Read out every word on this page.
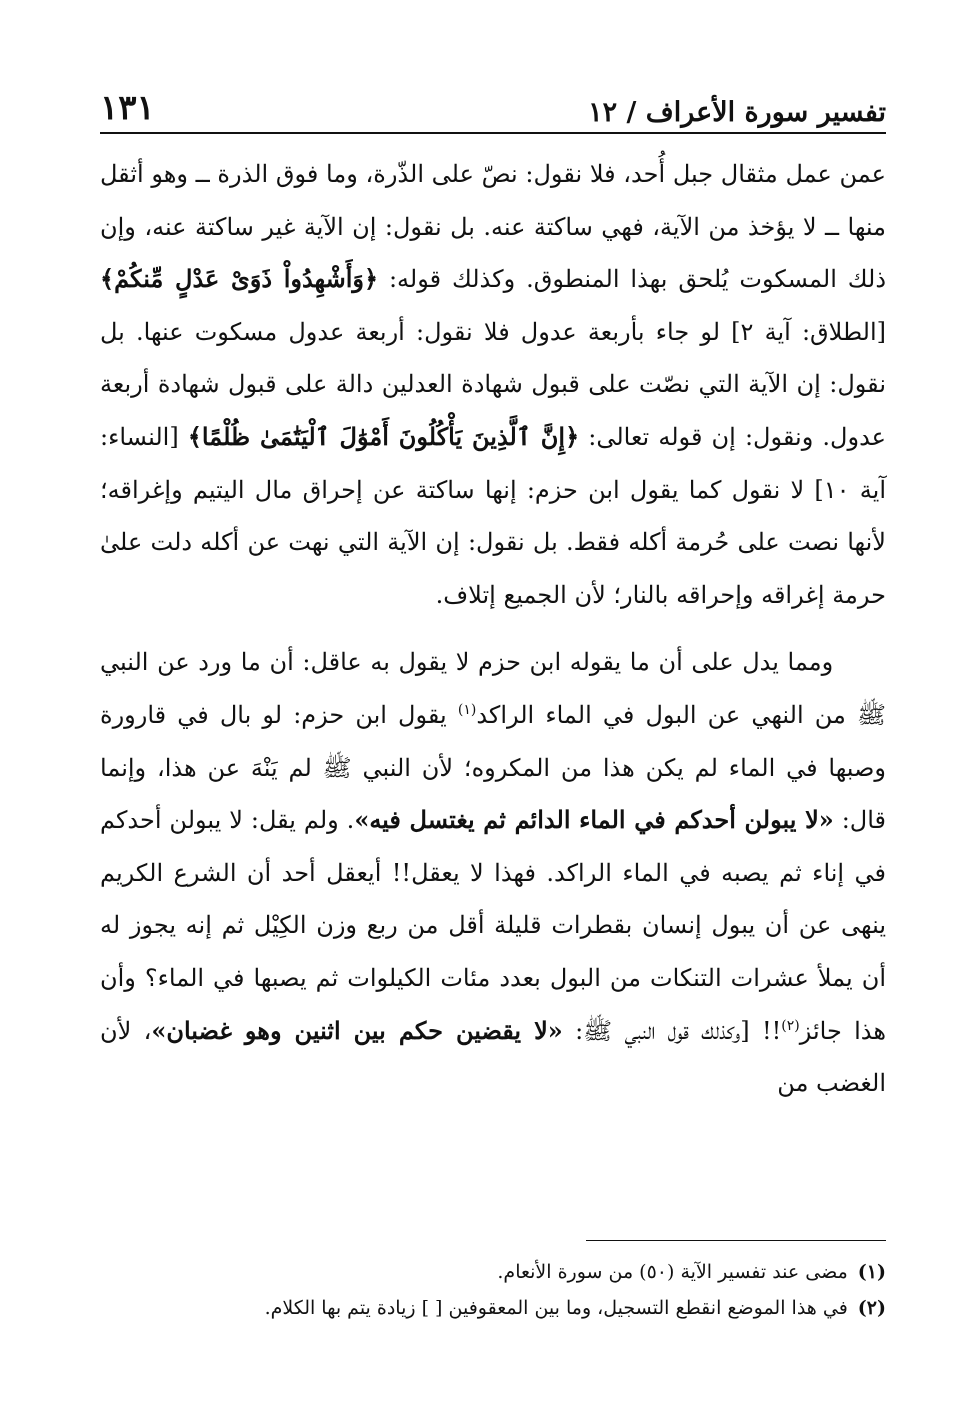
تفسير سورة الأعراف / ١٢
١٣١

عمن عمل مثقال جبل أُحد، فلا نقول: نصّ على الذّرة، وما فوق الذرة ــ وهو أثقل منها ــ لا يؤخذ من الآية، فهي ساكتة عنه. بل نقول: إن الآية غير ساكتة عنه، وإن ذلك المسكوت يُلحق بهذا المنطوق. وكذلك قوله: ﴿وَأَشْهِدُواْ ذَوَىْ عَدْلٍ مِّنكُمْ﴾ [الطلاق: آية ٢] لو جاء بأربعة عدول فلا نقول: أربعة عدول مسكوت عنها. بل نقول: إن الآية التي نصّت على قبول شهادة العدلين دالة على قبول شهادة أربعة عدول. ونقول: إن قوله تعالى: ﴿إِنَّ ٱلَّذِينَ يَأْكُلُونَ أَمْوَٰلَ ٱلْيَتَٰمَىٰ ظُلْمًا﴾ [النساء: آية ١٠] لا نقول كما يقول ابن حزم: إنها ساكتة عن إحراق مال اليتيم وإغراقه؛ لأنها نصت على حُرمة أكله فقط. بل نقول: إن الآية التي نهت عن أكله دلت علىٰ حرمة إغراقه وإحراقه بالنار؛ لأن الجميع إتلاف.

ومما يدل على أن ما يقوله ابن حزم لا يقول به عاقل: أن ما ورد عن النبي ﷺ من النهي عن البول في الماء الراكد$^{(١)}$ يقول ابن حزم: لو بال في قارورة وصبها في الماء لم يكن هذا من المكروه؛ لأن النبي ﷺ لم يَنْهَ عن هذا، وإنما قال: «لا يبولن أحدكم في الماء الدائم ثم يغتسل فيه». ولم يقل: لا يبولن أحدكم في إناء ثم يصبه في الماء الراكد. فهذا لا يعقل!! أيعقل أحد أن الشرع الكريم ينهى عن أن يبول إنسان بقطرات قليلة أقل من ربع وزن الكِيْل ثم إنه يجوز له أن يملأ عشرات التنكات من البول بعدد مئات الكيلوات ثم يصبها في الماء؟ وأن هذا جائز$^{(٢)}$!! [وكذلك قول النبي ﷺ: «لا يقضين حكم بين اثنين وهو غضبان»، لأن الغضب من

(١)مضى عند تفسير الآية (٥٠) من سورة الأنعام.

(٢)في هذا الموضع انقطع التسجيل، وما بين المعقوفين [ ] زيادة يتم بها الكلام.
